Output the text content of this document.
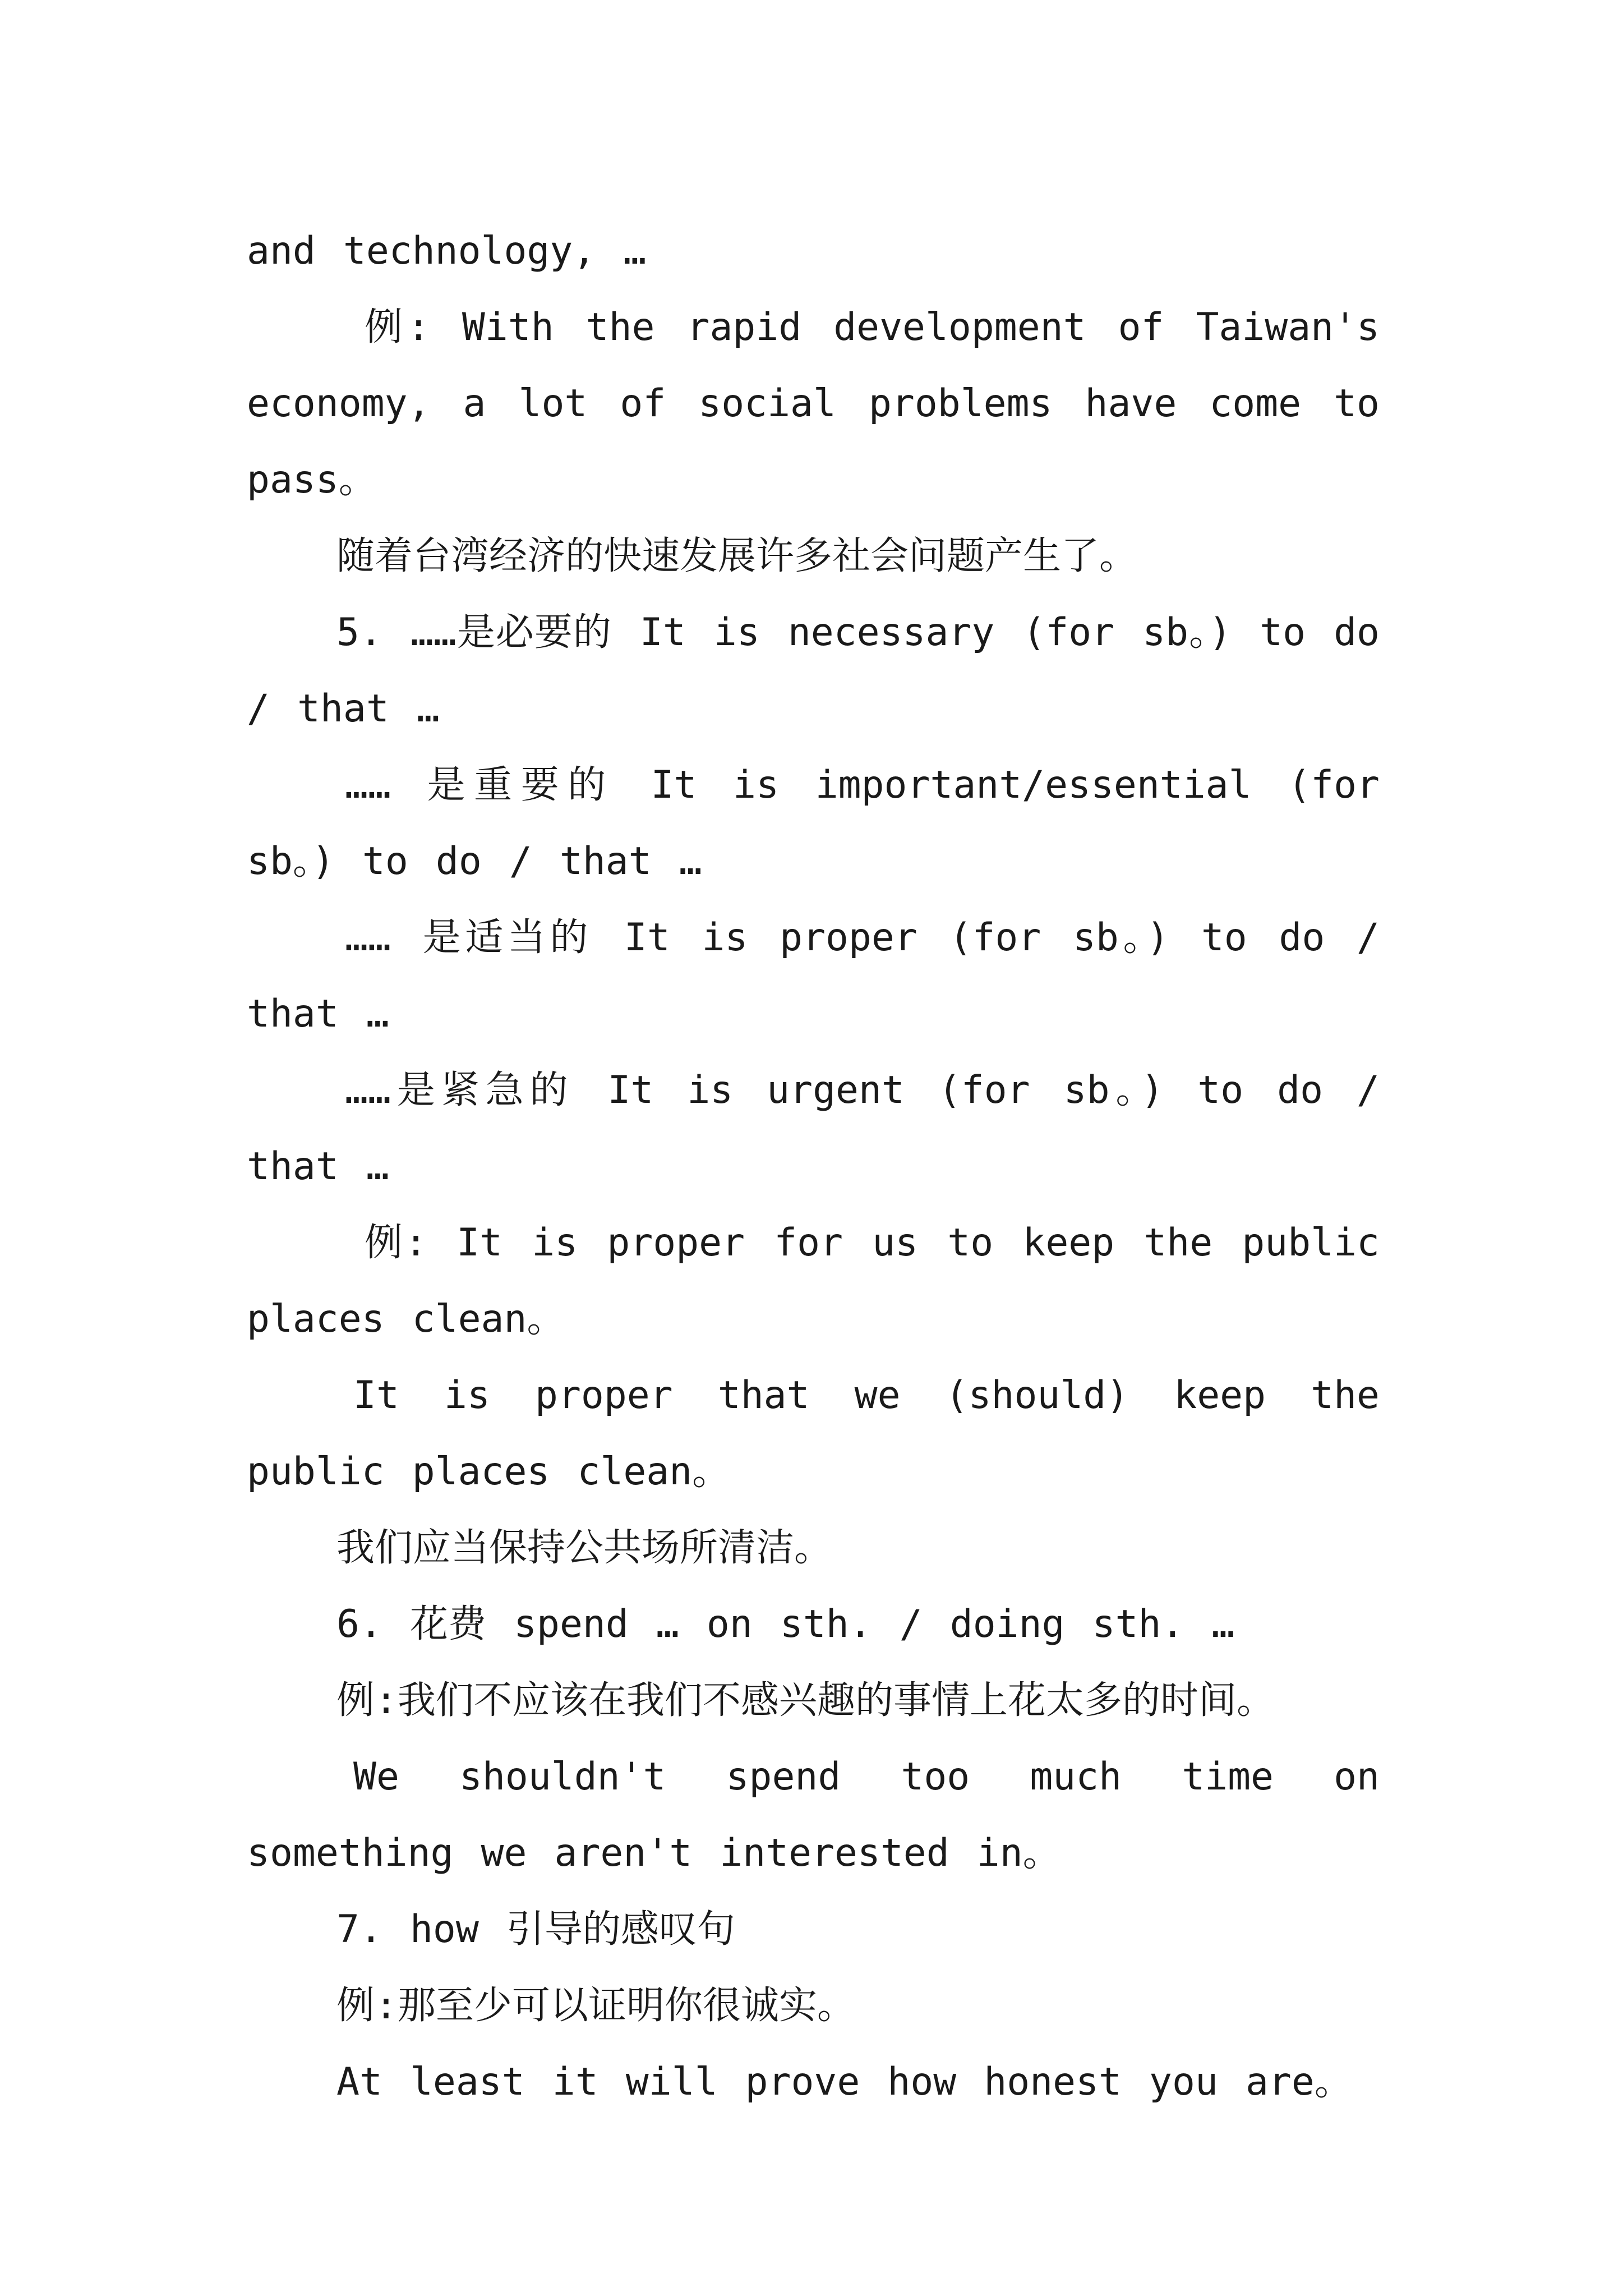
and technology, …

例: With the rapid development of Taiwan's economy, a lot of social problems have come to pass。

随着台湾经济的快速发展许多社会问题产生了。

5. ……是必要的 It is necessary (for sb。) to do / that …

…… 是重要的 It is important/essential (for sb。) to do / that …

…… 是适当的 It is proper (for sb。) to do / that …

……是紧急的 It is urgent (for sb。) to do / that …

例: It is proper for us to keep the public places clean。

It is proper that we (should) keep the public places clean。

我们应当保持公共场所清洁。

6. 花费 spend … on sth. / doing sth. …

例:我们不应该在我们不感兴趣的事情上花太多的时间。

We shouldn't spend too much time on something we aren't interested in。

7. how 引导的感叹句

例:那至少可以证明你很诚实。

At least it will prove how honest you are。
